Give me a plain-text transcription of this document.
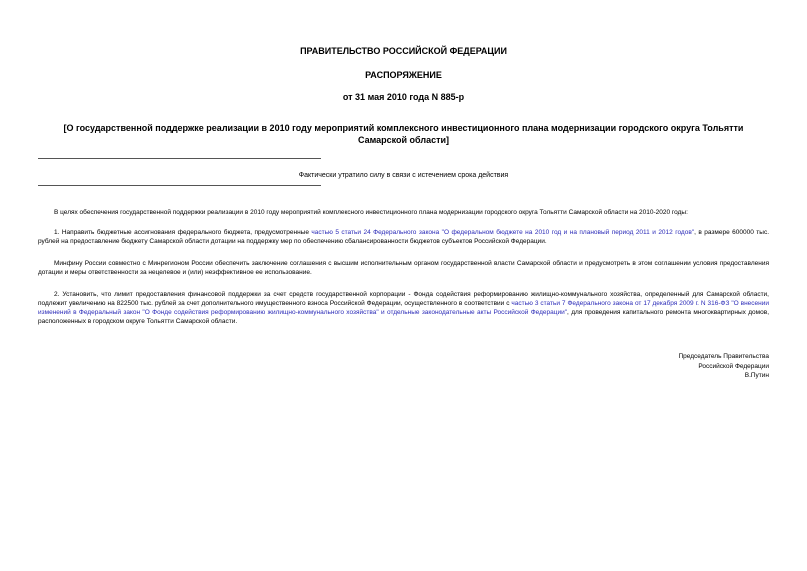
ПРАВИТЕЛЬСТВО РОССИЙСКОЙ ФЕДЕРАЦИИ
РАСПОРЯЖЕНИЕ
от 31 мая 2010 года N 885-р
[О государственной поддержке реализации в 2010 году мероприятий комплексного инвестиционного плана модернизации городского округа Тольятти Самарской области]
Фактически утратило силу в связи с истечением срока действия

В целях обеспечения государственной поддержки реализации в 2010 году мероприятий комплексного инвестиционного плана модернизации городского округа Тольятти Самарской области на 2010-2020 годы:

1. Направить бюджетные ассигнования федерального бюджета, предусмотренные частью 5 статьи 24 Федерального закона "О федеральном бюджете на 2010 год и на плановый период 2011 и 2012 годов", в размере 600000 тыс. рублей на предоставление бюджету Самарской области дотации на поддержку мер по обеспечению сбалансированности бюджетов субъектов Российской Федерации.

Минфину России совместно с Минрегионом России обеспечить заключение соглашения с высшим исполнительным органом государственной власти Самарской области и предусмотреть в этом соглашении условия предоставления дотации и меры ответственности за нецелевое и (или) неэффективное ее использование.

2. Установить, что лимит предоставления финансовой поддержки за счет средств государственной корпорации - Фонда содействия реформированию жилищно-коммунального хозяйства, определенный для Самарской области, подлежит увеличению на 822500 тыс. рублей за счет дополнительного имущественного взноса Российской Федерации, осуществленного в соответствии с частью 3 статьи 7 Федерального закона от 17 декабря 2009 г. N 316-ФЗ "О внесении изменений в Федеральный закон "О Фонде содействия реформированию жилищно-коммунального хозяйства" и отдельные законодательные акты Российской Федерации", для проведения капитального ремонта многоквартирных домов, расположенных в городском округе Тольятти Самарской области.

Председатель Правительства
Российской Федерации
В.Путин
